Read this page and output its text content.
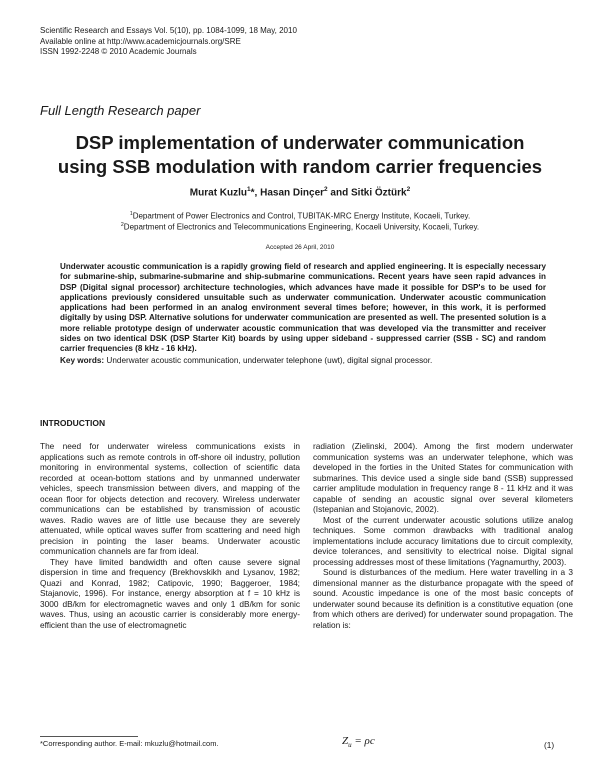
Scientific Research and Essays Vol. 5(10), pp. 1084-1099, 18 May, 2010
Available online at http://www.academicjournals.org/SRE
ISSN 1992-2248 © 2010 Academic Journals
Full Length Research paper
DSP implementation of underwater communication
using SSB modulation with random carrier frequencies
Murat Kuzlu$^1$*, Hasan Dinçer$^2$ and Sitki Öztürk$^2$
$^1$Department of Power Electronics and Control, TUBITAK-MRC Energy Institute, Kocaeli, Turkey.
$^2$Department of Electronics and Telecommunications Engineering, Kocaeli University, Kocaeli, Turkey.
Accepted 26 April, 2010
Underwater acoustic communication is a rapidly growing field of research and applied engineering. It is especially necessary for submarine-ship, submarine-submarine and ship-submarine communications. Recent years have seen rapid advances in DSP (Digital signal processor) architecture technologies, which advances have made it possible for DSP's to be used for applications previously considered unsuitable such as underwater communication. Underwater acoustic communication applications had been performed in an analog environment several times before; however, in this work, it is performed digitally by using DSP. Alternative solutions for underwater communication are presented as well. The presented solution is a more reliable prototype design of underwater acoustic communication that was developed via the transmitter and receiver sides on two identical DSK (DSP Starter Kit) boards by using upper sideband - suppressed carrier (SSB - SC) and random carrier frequencies (8 kHz - 16 kHz).
Key words: Underwater acoustic communication, underwater telephone (uwt), digital signal processor.
INTRODUCTION

The need for underwater wireless communications exists in applications such as remote controls in off-shore oil industry, pollution monitoring in environmental systems, collection of scientific data recorded at ocean-bottom stations and by unmanned underwater vehicles, speech transmission between divers, and mapping of the ocean floor for objects detection and recovery. Wireless underwater communications can be established by transmission of acoustic waves. Radio waves are of little use because they are severely attenuated, while optical waves suffer from scattering and need high precision in pointing the laser beams. Underwater acoustic communication channels are far from ideal.

They have limited bandwidth and often cause severe signal dispersion in time and frequency (Brekhovskikh and Lysanov, 1982; Quazi and Konrad, 1982; Catipovic, 1990; Baggeroer, 1984; Stajanovic, 1996). For instance, energy absorption at f = 10 kHz is 3000 dB/km for electromagnetic waves and only 1 dB/km for sonic waves. Thus, using an acoustic carrier is considerably more energy-efficient than the use of electromagnetic

radiation (Zielinski, 2004). Among the first modern underwater communication systems was an underwater telephone, which was developed in the forties in the United States for communication with submarines. This device used a single side band (SSB) suppressed carrier amplitude modulation in frequency range 8 - 11 kHz and it was capable of sending an acoustic signal over several kilometers (Istepanian and Stojanovic, 2002).

Most of the current underwater acoustic solutions utilize analog techniques. Some common drawbacks with traditional analog implementations include accuracy limitations due to circuit complexity, device tolerances, and sensitivity to electrical noise. Digital signal processing addresses most of these limitations (Yagnamurthy, 2003).

Sound is disturbances of the medium. Here water travelling in a 3 dimensional manner as the disturbance propagate with the speed of sound. Acoustic impedance is one of the most basic concepts of underwater sound because its definition is a constitutive equation (one from which others are derived) for underwater sound propagation. The relation is:

*Corresponding author. E-mail: mkuzlu@hotmail.com.	$Z_u = \rho c$	(1)
